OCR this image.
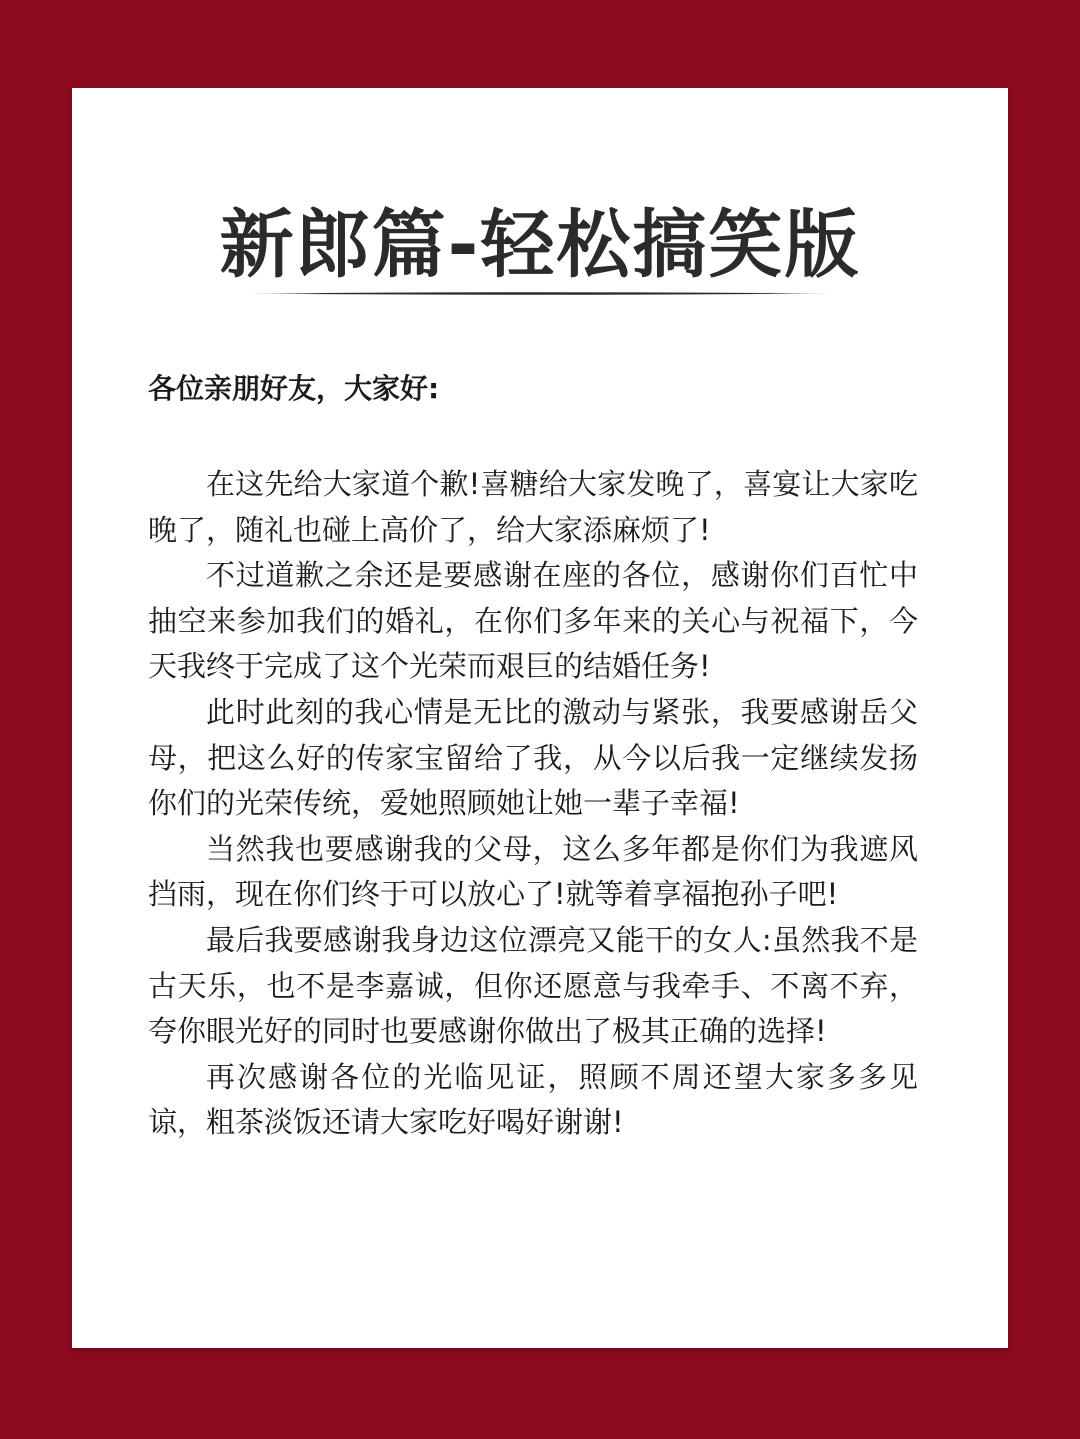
新郎篇-轻松搞笑版

各位亲朋好友，大家好:

在这先给大家道个歉!喜糖给大家发晚了，喜宴让大家吃晚了，随礼也碰上高价了，给大家添麻烦了!

不过道歉之余还是要感谢在座的各位，感谢你们百忙中抽空来参加我们的婚礼，在你们多年来的关心与祝福下，今天我终于完成了这个光荣而艰巨的结婚任务!

此时此刻的我心情是无比的激动与紧张，我要感谢岳父母，把这么好的传家宝留给了我，从今以后我一定继续发扬你们的光荣传统，爱她照顾她让她一辈子幸福!

当然我也要感谢我的父母，这么多年都是你们为我遮风挡雨，现在你们终于可以放心了!就等着享福抱孙子吧!

最后我要感谢我身边这位漂亮又能干的女人:虽然我不是古天乐，也不是李嘉诚，但你还愿意与我牵手、不离不弃，夸你眼光好的同时也要感谢你做出了极其正确的选择!

再次感谢各位的光临见证，照顾不周还望大家多多见谅，粗茶淡饭还请大家吃好喝好谢谢!
